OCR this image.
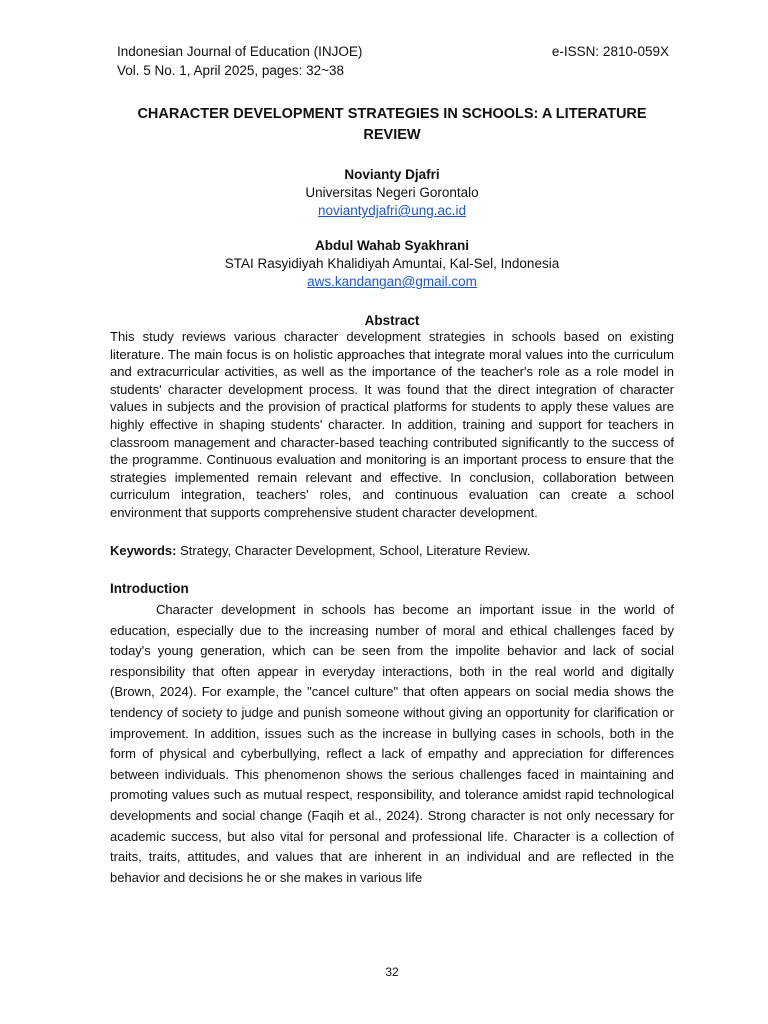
Indonesian Journal of Education (INJOE)	e-ISSN: 2810-059X
Vol. 5 No. 1, April 2025, pages: 32~38
CHARACTER DEVELOPMENT STRATEGIES IN SCHOOLS: A LITERATURE
REVIEW
Novianty Djafri
Universitas Negeri Gorontalo
noviantydjafri@ung.ac.id
Abdul Wahab Syakhrani
STAI Rasyidiyah Khalidiyah Amuntai, Kal-Sel, Indonesia
aws.kandangan@gmail.com
Abstract

This study reviews various character development strategies in schools based on existing literature. The main focus is on holistic approaches that integrate moral values into the curriculum and extracurricular activities, as well as the importance of the teacher's role as a role model in students' character development process. It was found that the direct integration of character values in subjects and the provision of practical platforms for students to apply these values are highly effective in shaping students' character. In addition, training and support for teachers in classroom management and character-based teaching contributed significantly to the success of the programme. Continuous evaluation and monitoring is an important process to ensure that the strategies implemented remain relevant and effective. In conclusion, collaboration between curriculum integration, teachers' roles, and continuous evaluation can create a school environment that supports comprehensive student character development.

Keywords: Strategy, Character Development, School, Literature Review.
Introduction

Character development in schools has become an important issue in the world of education, especially due to the increasing number of moral and ethical challenges faced by today's young generation, which can be seen from the impolite behavior and lack of social responsibility that often appear in everyday interactions, both in the real world and digitally (Brown, 2024). For example, the "cancel culture" that often appears on social media shows the tendency of society to judge and punish someone without giving an opportunity for clarification or improvement. In addition, issues such as the increase in bullying cases in schools, both in the form of physical and cyberbullying, reflect a lack of empathy and appreciation for differences between individuals. This phenomenon shows the serious challenges faced in maintaining and promoting values such as mutual respect, responsibility, and tolerance amidst rapid technological developments and social change (Faqih et al., 2024). Strong character is not only necessary for academic success, but also vital for personal and professional life. Character is a collection of traits, traits, attitudes, and values that are inherent in an individual and are reflected in the behavior and decisions he or she makes in various life

32
